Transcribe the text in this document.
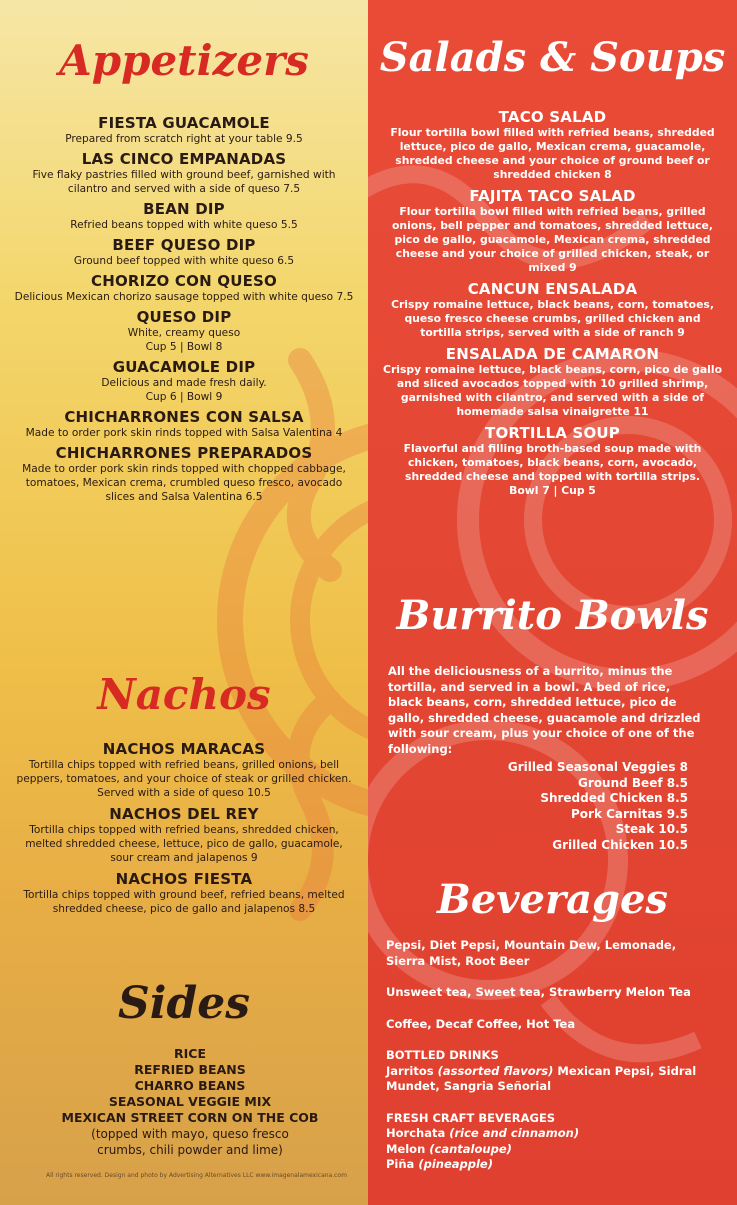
Appetizers
FIESTA GUACAMOLE
Prepared from scratch right at your table 9.5
LAS CINCO EMPANADAS
Five flaky pastries filled with ground beef, garnished with cilantro and served with a side of queso 7.5
BEAN DIP
Refried beans topped with white queso 5.5
BEEF QUESO DIP
Ground beef topped with white queso 6.5
CHORIZO CON QUESO
Delicious Mexican chorizo sausage topped with white queso 7.5
QUESO DIP
White, creamy queso
Cup 5 | Bowl 8
GUACAMOLE DIP
Delicious and made fresh daily.
Cup 6 | Bowl 9
CHICHARRONES CON SALSA
Made to order pork skin rinds topped with Salsa Valentina 4
CHICHARRONES PREPARADOS
Made to order pork skin rinds topped with chopped cabbage, tomatoes, Mexican crema, crumbled queso fresco, avocado slices and Salsa Valentina 6.5
Nachos
NACHOS MARACAS
Tortilla chips topped with refried beans, grilled onions, bell peppers, tomatoes, and your choice of steak or grilled chicken. Served with a side of queso 10.5
NACHOS DEL REY
Tortilla chips topped with refried beans, shredded chicken, melted shredded cheese, lettuce, pico de gallo, guacamole, sour cream and jalapenos 9
NACHOS FIESTA
Tortilla chips topped with ground beef, refried beans, melted shredded cheese, pico de gallo and jalapenos 8.5
Sides
RICE
REFRIED BEANS
CHARRO BEANS
SEASONAL VEGGIE MIX
MEXICAN STREET CORN ON THE COB
(topped with mayo, queso fresco crumbs, chili powder and lime)
All rights reserved. Design and photo by Advertising Alternatives LLC www.imagenalamexicana.com
Salads & Soups
TACO SALAD
Flour tortilla bowl filled with refried beans, shredded lettuce, pico de gallo, Mexican crema, guacamole, shredded cheese and your choice of ground beef or shredded chicken 8
FAJITA TACO SALAD
Flour tortilla bowl filled with refried beans, grilled onions, bell pepper and tomatoes, shredded lettuce, pico de gallo, guacamole, Mexican crema, shredded cheese and your choice of grilled chicken, steak, or mixed 9
CANCUN ENSALADA
Crispy romaine lettuce, black beans, corn, tomatoes, queso fresco cheese crumbs, grilled chicken and tortilla strips, served with a side of ranch 9
ENSALADA DE CAMARON
Crispy romaine lettuce, black beans, corn, pico de gallo and sliced avocados topped with 10 grilled shrimp, garnished with cilantro, and served with a side of homemade salsa vinaigrette 11
TORTILLA SOUP
Flavorful and filling broth-based soup made with chicken, tomatoes, black beans, corn, avocado, shredded cheese and topped with tortilla strips.
Bowl 7 | Cup 5
Burrito Bowls
All the deliciousness of a burrito, minus the tortilla, and served in a bowl. A bed of rice, black beans, corn, shredded lettuce, pico de gallo, shredded cheese, guacamole and drizzled with sour cream, plus your choice of one of the following:
Grilled Seasonal Veggies 8
Ground Beef 8.5
Shredded Chicken 8.5
Pork Carnitas 9.5
Steak 10.5
Grilled Chicken 10.5
Beverages

Pepsi, Diet Pepsi, Mountain Dew, Lemonade, Sierra Mist, Root Beer

Unsweet tea, Sweet tea, Strawberry Melon Tea

Coffee, Decaf Coffee, Hot Tea

BOTTLED DRINKS

Jarritos (assorted flavors) Mexican Pepsi, Sidral Mundet, Sangria Señorial

FRESH CRAFT BEVERAGES

Horchata (rice and cinnamon)

Melon (cantaloupe)

Piña (pineapple)
